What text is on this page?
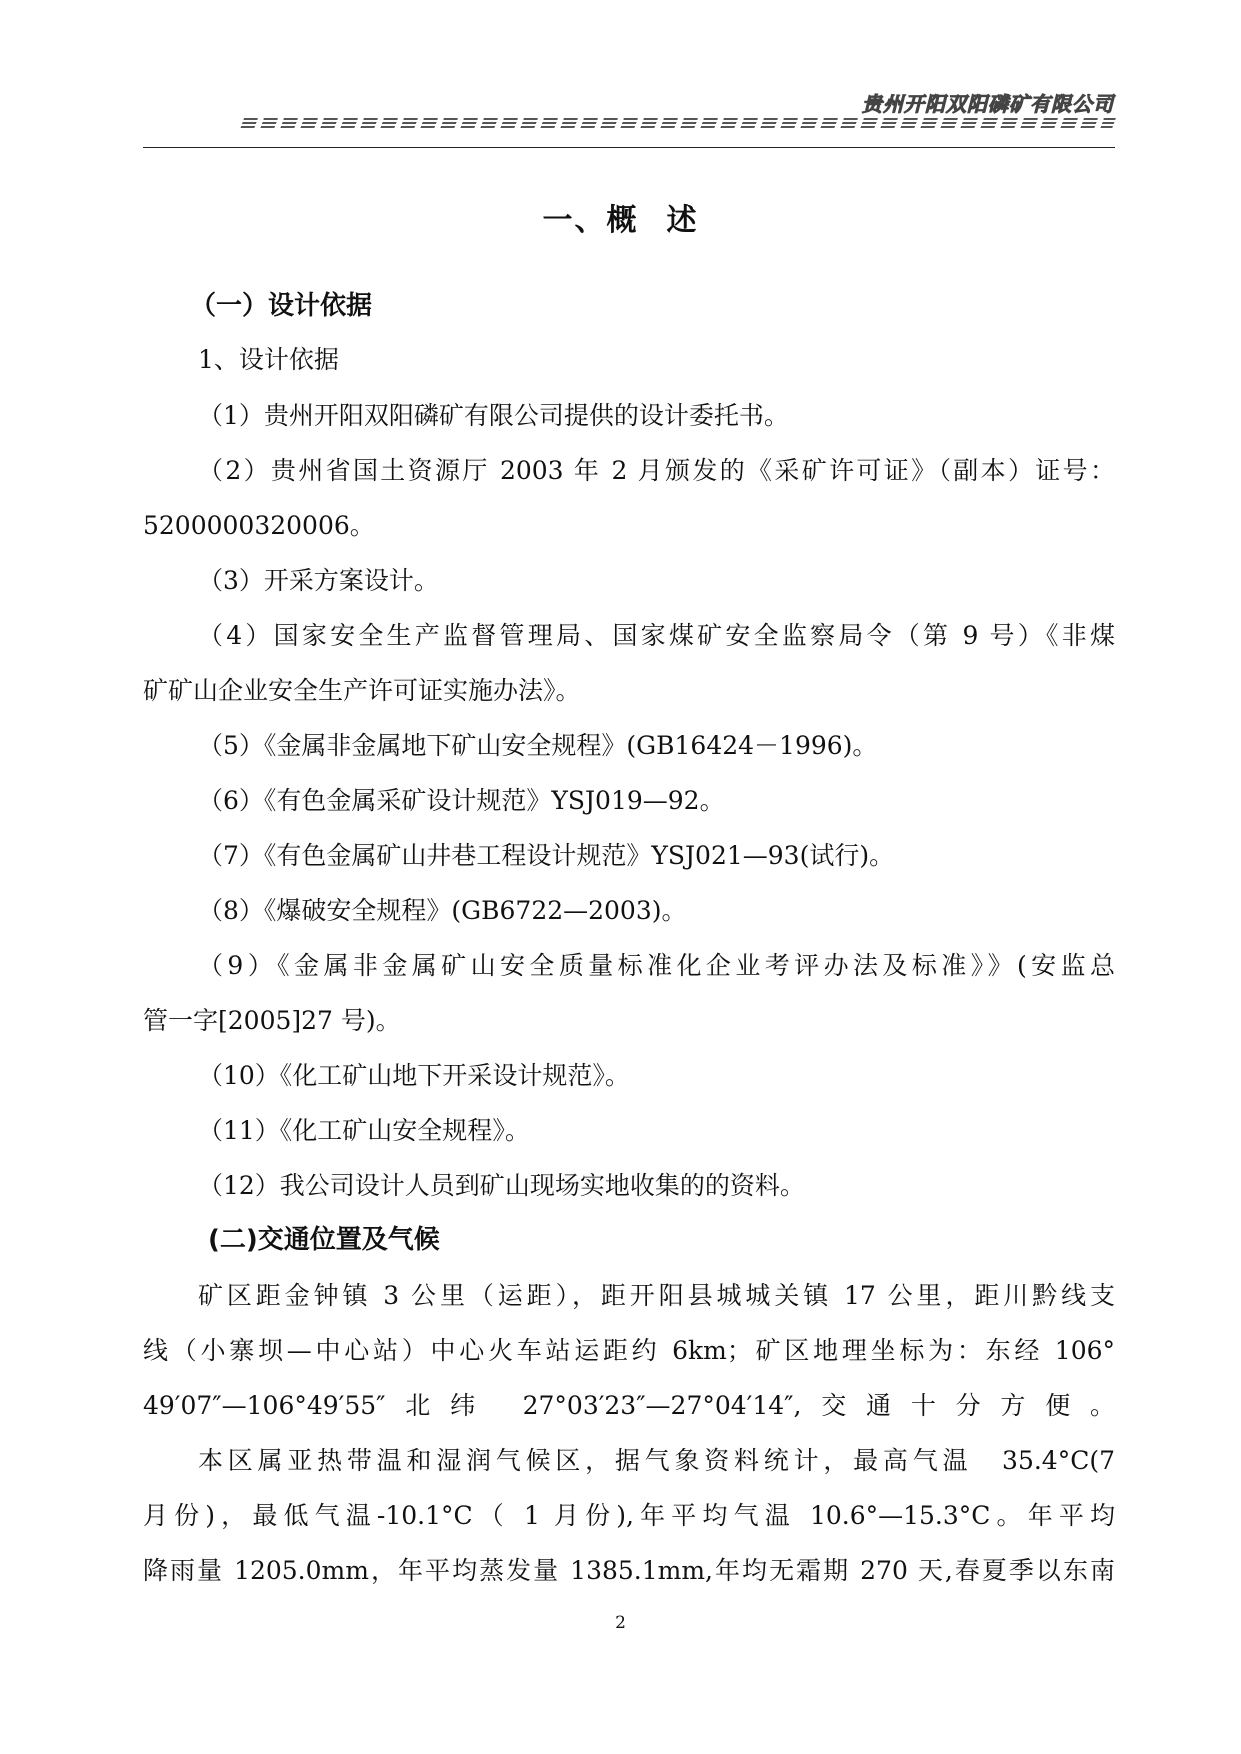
贵州开阳双阳磷矿有限公司
一、概 述
（一）设计依据
1、设计依据
（1）贵州开阳双阳磷矿有限公司提供的设计委托书。
（2）贵州省国土资源厅 2003 年 2 月颁发的《采矿许可证》（副本）证号：
5200000320006。
（3）开采方案设计。
（4）国家安全生产监督管理局、国家煤矿安全监察局令（第 9 号）《非煤
矿矿山企业安全生产许可证实施办法》。
（5）《金属非金属地下矿山安全规程》(GB16424－1996)。
（6）《有色金属采矿设计规范》YSJ019—92。
（7）《有色金属矿山井巷工程设计规范》YSJ021—93(试行)。
（8）《爆破安全规程》(GB6722—2003)。
（9）《金属非金属矿山安全质量标准化企业考评办法及标准》》(安监总
管一字[2005]27 号)。
（10）《化工矿山地下开采设计规范》。
（11）《化工矿山安全规程》。
（12）我公司设计人员到矿山现场实地收集的的资料。
(二)交通位置及气候
矿区距金钟镇 3 公里（运距），距开阳县城城关镇 17 公里，距川黔线支
线（小寨坝—中心站）中心火车站运距约 6km；矿区地理坐标为：东经 106°
49′07″—106°49′55″北纬 27°03′23″—27°04′14″,交通十分方便。
本区属亚热带温和湿润气候区，据气象资料统计，最高气温　35.4°C(7
月份)，最低气温-10.1°C（ 1 月份),年平均气温 10.6°—15.3°C。年平均
降雨量 1205.0mm，年平均蒸发量 1385.1mm,年均无霜期 270 天,春夏季以东南
2
